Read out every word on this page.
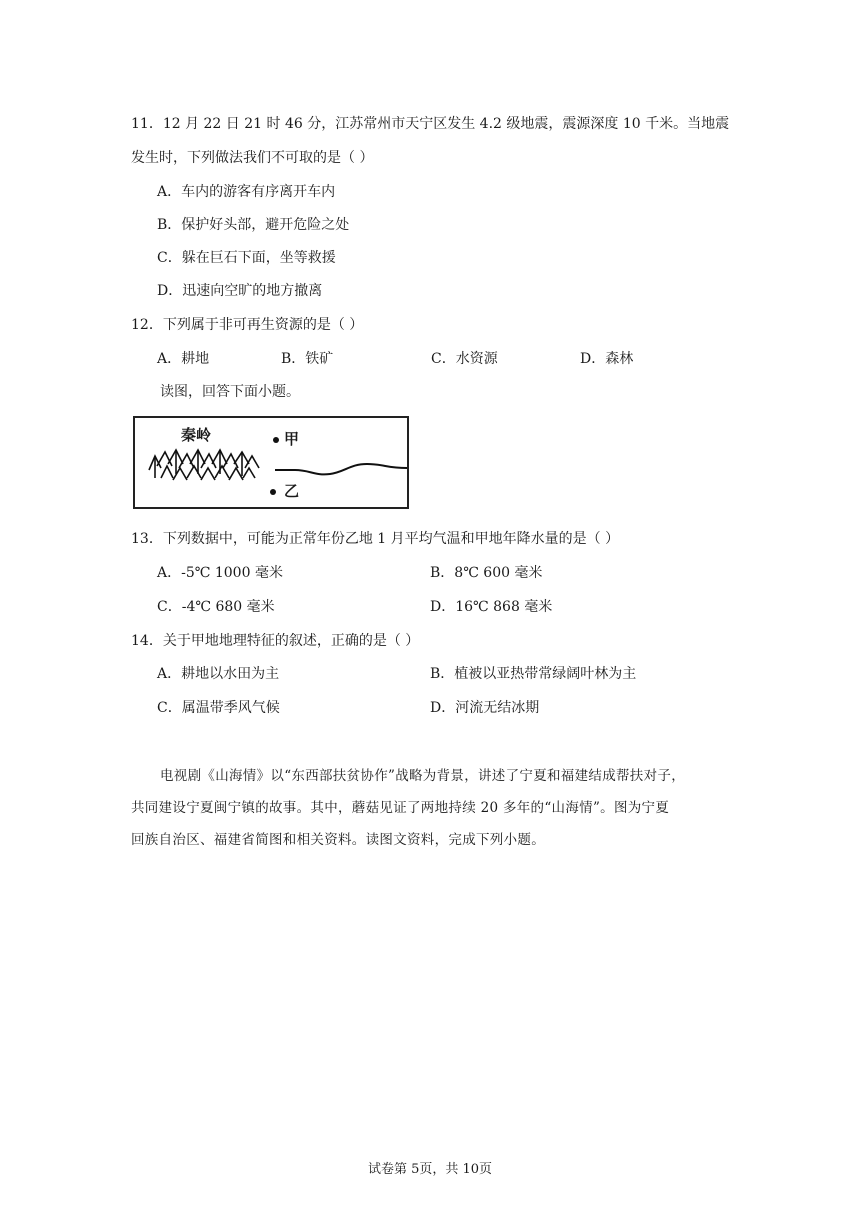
11．12 月 22 日 21 时 46 分，江苏常州市天宁区发生 4.2 级地震，震源深度 10 千米。当地震
发生时，下列做法我们不可取的是（ ）
A．车内的游客有序离开车内
B．保护好头部，避开危险之处
C．躲在巨石下面，坐等救援
D．迅速向空旷的地方撤离
12．下列属于非可再生资源的是（ ）
A．耕地	B．铁矿	C．水资源	D．森林
读图，回答下面小题。
秦岭	甲
乙
13．下列数据中，可能为正常年份乙地 1 月平均气温和甲地年降水量的是（ ）
A．-5℃ 1000 毫米	B．8℃ 600 毫米
C．-4℃ 680 毫米	D．16℃ 868 毫米
14．关于甲地地理特征的叙述，正确的是（ ）
A．耕地以水田为主	B．植被以亚热带常绿阔叶林为主
C．属温带季风气候	D．河流无结冰期
电视剧《山海情》以“东西部扶贫协作”战略为背景，讲述了宁夏和福建结成帮扶对子，
共同建设宁夏闽宁镇的故事。其中，蘑菇见证了两地持续 20 多年的“山海情”。图为宁夏
回族自治区、福建省简图和相关资料。读图文资料，完成下列小题。
试卷第 5页，共 10页
